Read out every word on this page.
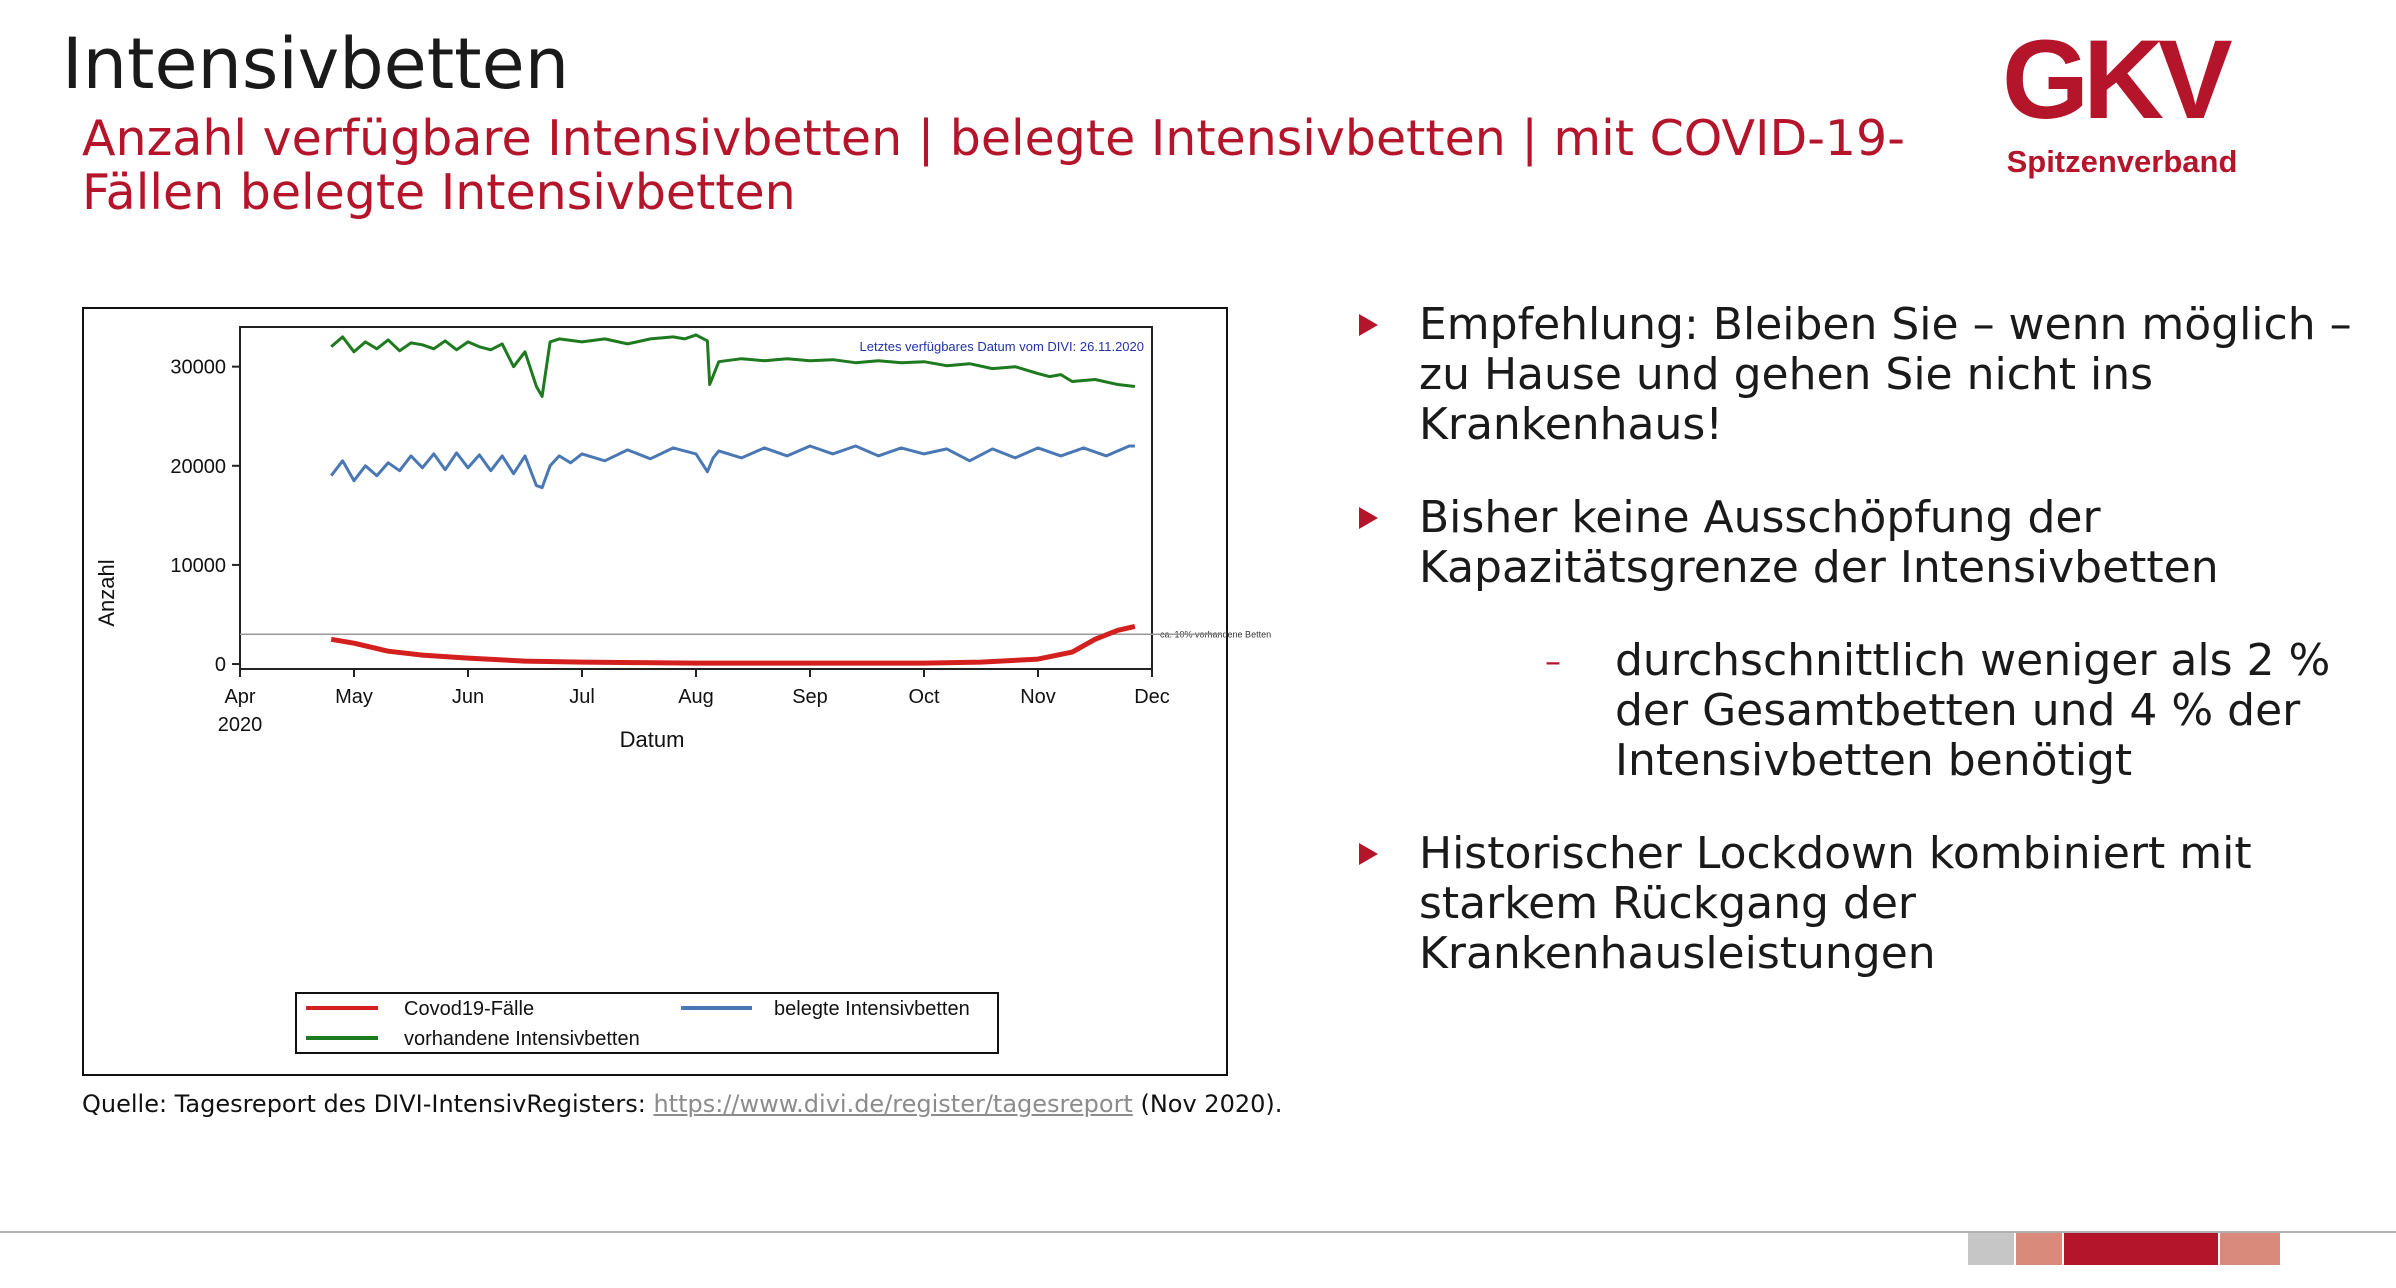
Intensivbetten

Anzahl verfügbare Intensivbetten | belegte Intensivbetten | mit COVID-19-Fällen belegte Intensivbetten

GKV
Spitzenverband
Letztes verfügbares Datum vom DIVI: 26.11.2020
ca. 10% vorhandene Betten
Datum
Anzahl
Covod19-Fälle	belegte Intensivbetten
vorhandene Intensivbetten
0
10000
20000
30000
Apr	May	Jun	Jul	Aug	Sep	Oct	Nov	Dec
2020
Quelle: Tagesreport des DIVI-IntensivRegisters: https://www.divi.de/register/tagesreport (Nov 2020).
Empfehlung: Bleiben Sie – wenn möglich – zu Hause und gehen Sie nicht ins Krankenhaus!
Bisher keine Ausschöpfung der Kapazitätsgrenze der Intensivbetten
– durchschnittlich weniger als 2 % der Gesamtbetten und 4 % der Intensivbetten benötigt
Historischer Lockdown kombiniert mit starkem Rückgang der Krankenhausleistungen
